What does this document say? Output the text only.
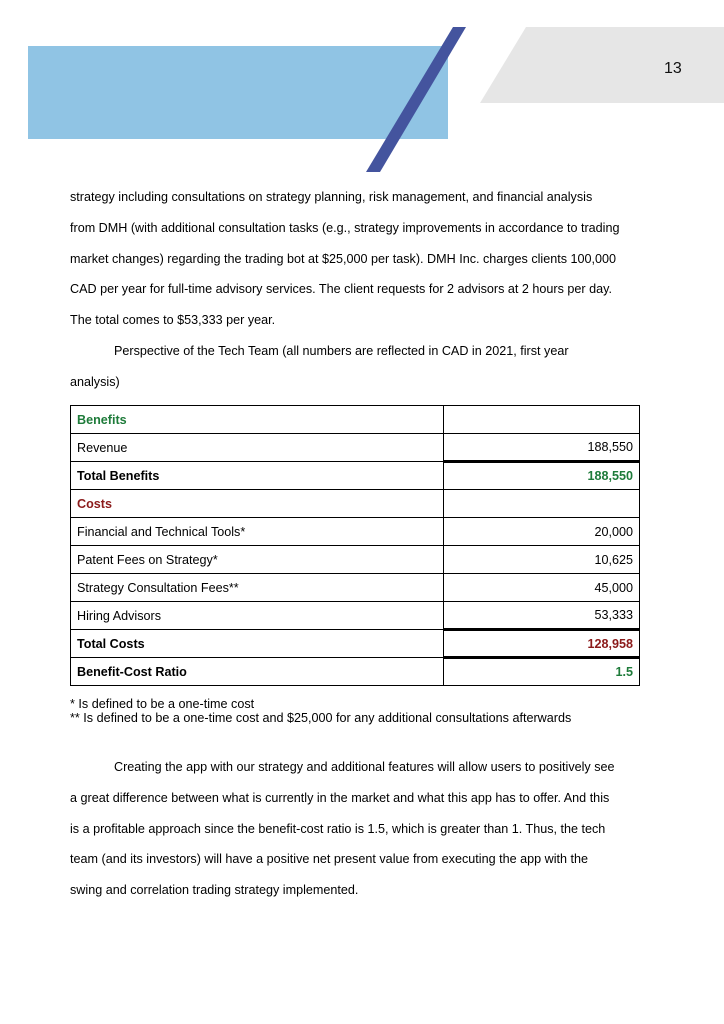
13
strategy including consultations on strategy planning, risk management, and financial analysis
from DMH (with additional consultation tasks (e.g., strategy improvements in accordance to trading
market changes) regarding the trading bot at $25,000 per task). DMH Inc. charges clients 100,000
CAD per year for full-time advisory services. The client requests for 2 advisors at 2 hours per day.
The total comes to $53,333 per year.
Perspective of the Tech Team (all numbers are reflected in CAD in 2021, first year
analysis)
Benefits	
Revenue	188,550
Total Benefits	188,550
Costs	
Financial and Technical Tools*	20,000
Patent Fees on Strategy*	10,625
Strategy Consultation Fees**	45,000
Hiring Advisors	53,333
Total Costs	128,958
Benefit-Cost Ratio	1.5
* Is defined to be a one-time cost
** Is defined to be a one-time cost and $25,000 for any additional consultations afterwards
Creating the app with our strategy and additional features will allow users to positively see
a great difference between what is currently in the market and what this app has to offer. And this
is a profitable approach since the benefit-cost ratio is 1.5, which is greater than 1. Thus, the tech
team (and its investors) will have a positive net present value from executing the app with the
swing and correlation trading strategy implemented.
